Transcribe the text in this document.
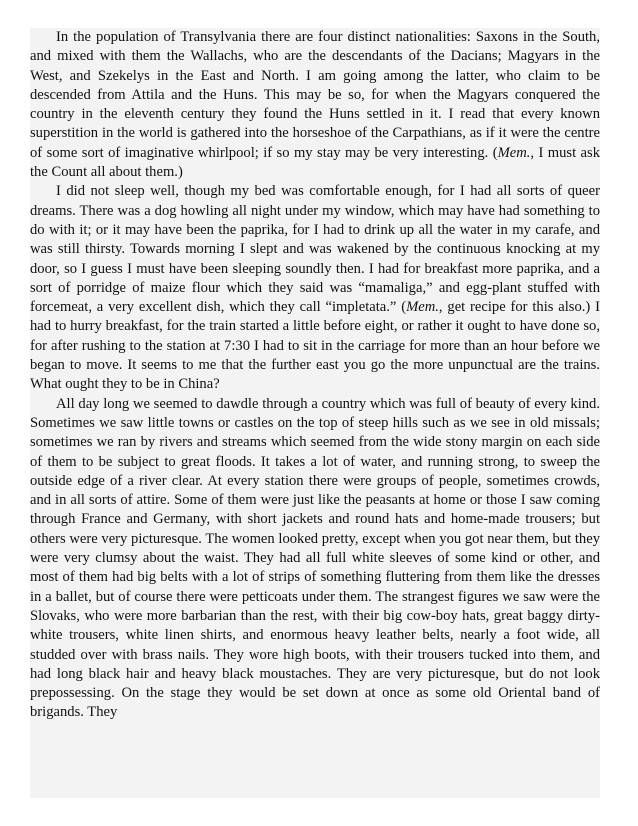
In the population of Transylvania there are four distinct nationalities: Saxons in the South, and mixed with them the Wallachs, who are the descendants of the Dacians; Magyars in the West, and Szekelys in the East and North. I am going among the latter, who claim to be descended from Attila and the Huns. This may be so, for when the Magyars conquered the country in the eleventh century they found the Huns settled in it. I read that every known superstition in the world is gathered into the horseshoe of the Carpathians, as if it were the centre of some sort of imaginative whirlpool; if so my stay may be very interesting. (Mem., I must ask the Count all about them.)

I did not sleep well, though my bed was comfortable enough, for I had all sorts of queer dreams. There was a dog howling all night under my window, which may have had something to do with it; or it may have been the paprika, for I had to drink up all the water in my carafe, and was still thirsty. Towards morning I slept and was wakened by the continuous knocking at my door, so I guess I must have been sleeping soundly then. I had for breakfast more paprika, and a sort of porridge of maize flour which they said was “mamaliga,” and egg-plant stuffed with forcemeat, a very excellent dish, which they call “impletata.” (Mem., get recipe for this also.) I had to hurry breakfast, for the train started a little before eight, or rather it ought to have done so, for after rushing to the station at 7:30 I had to sit in the carriage for more than an hour before we began to move. It seems to me that the further east you go the more unpunctual are the trains. What ought they to be in China?

All day long we seemed to dawdle through a country which was full of beauty of every kind. Sometimes we saw little towns or castles on the top of steep hills such as we see in old missals; sometimes we ran by rivers and streams which seemed from the wide stony margin on each side of them to be subject to great floods. It takes a lot of water, and running strong, to sweep the outside edge of a river clear. At every station there were groups of people, sometimes crowds, and in all sorts of attire. Some of them were just like the peasants at home or those I saw coming through France and Germany, with short jackets and round hats and home-made trousers; but others were very picturesque. The women looked pretty, except when you got near them, but they were very clumsy about the waist. They had all full white sleeves of some kind or other, and most of them had big belts with a lot of strips of something fluttering from them like the dresses in a ballet, but of course there were petticoats under them. The strangest figures we saw were the Slovaks, who were more barbarian than the rest, with their big cow-boy hats, great baggy dirty-white trousers, white linen shirts, and enormous heavy leather belts, nearly a foot wide, all studded over with brass nails. They wore high boots, with their trousers tucked into them, and had long black hair and heavy black moustaches. They are very picturesque, but do not look prepossessing. On the stage they would be set down at once as some old Oriental band of brigands. They
